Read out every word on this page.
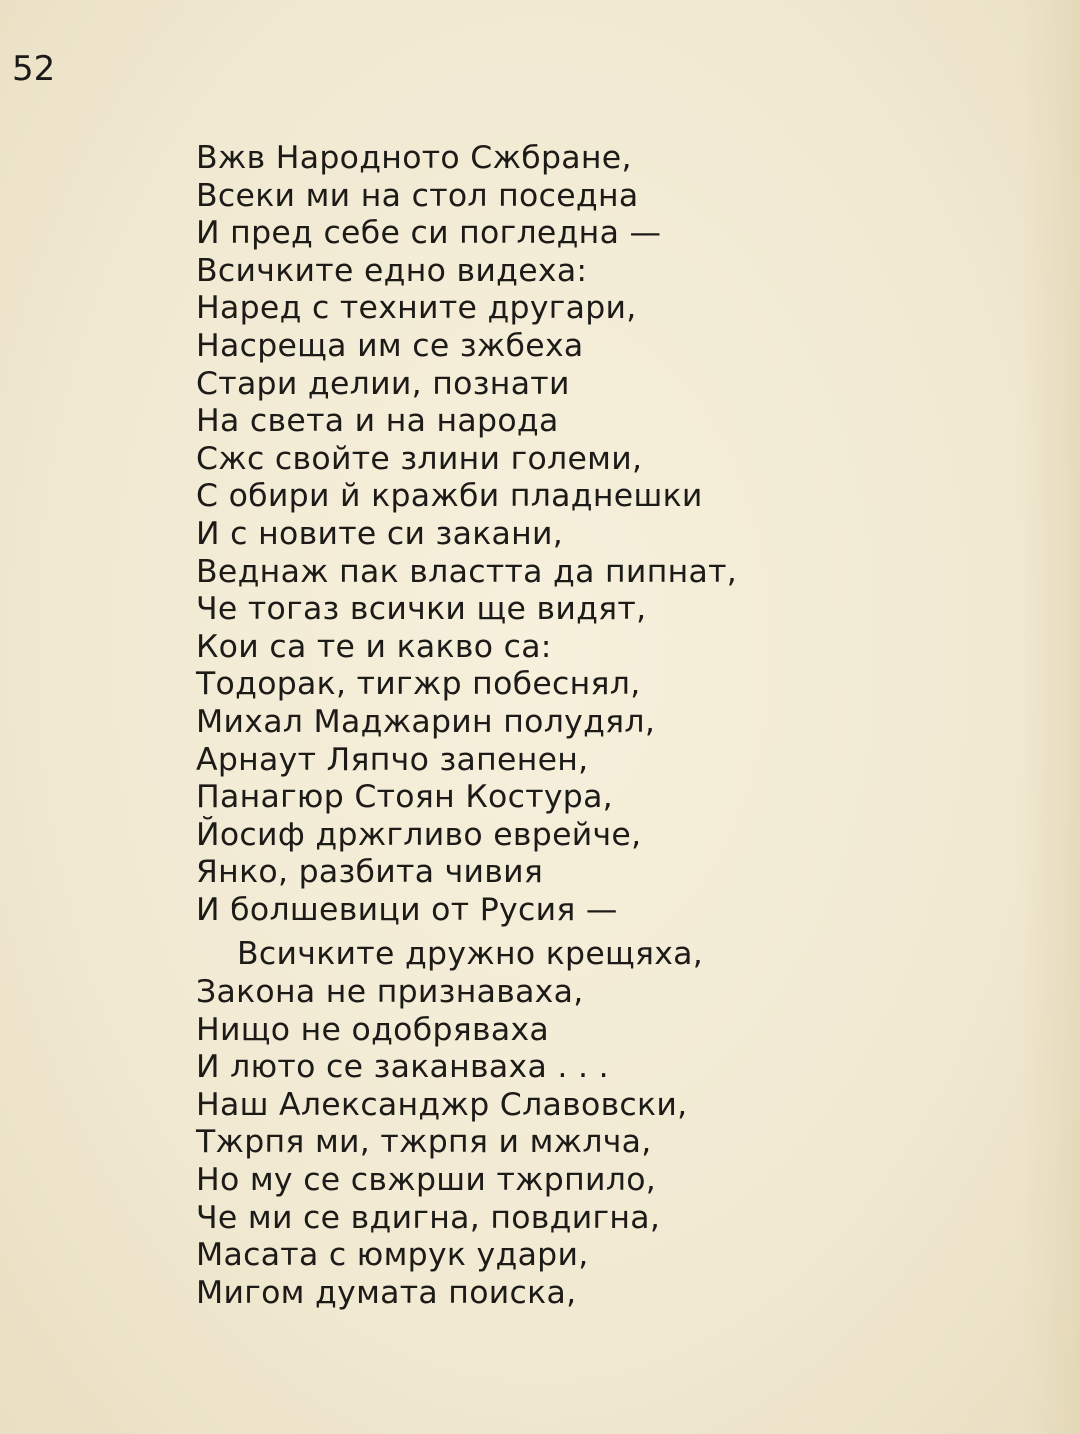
52
Вжв Народното Сжбране,
Всеки ми на стол поседна
И пред себе си погледна —
Всичките едно видеха:
Наред с техните другари,
Насреща им се зжбеха
Стари делии, познати
На света и на народа
Сжс свойте злини големи,
С обири й кражби пладнешки
И с новите си закани,
Веднаж пак властта да пипнат,
Че тогаз всички ще видят,
Кои са те и какво са:
Тодорак, тигжр побеснял,
Михал Маджарин полудял,
Арнаут Ляпчо запенен,
Панагюр Стоян Костура,
Йосиф држгливо еврейче,
Янко, разбита чивия
И болшевици от Русия —
Всичките дружно крещяха,
Закона не признаваха,
Нищо не одобряваха
И люто се заканваха . . .
Наш Александжр Славовски,
Тжрпя ми, тжрпя и мжлча,
Но му се свжрши тжрпило,
Че ми се вдигна, повдигна,
Масата с юмрук удари,
Мигом думата поиска,
